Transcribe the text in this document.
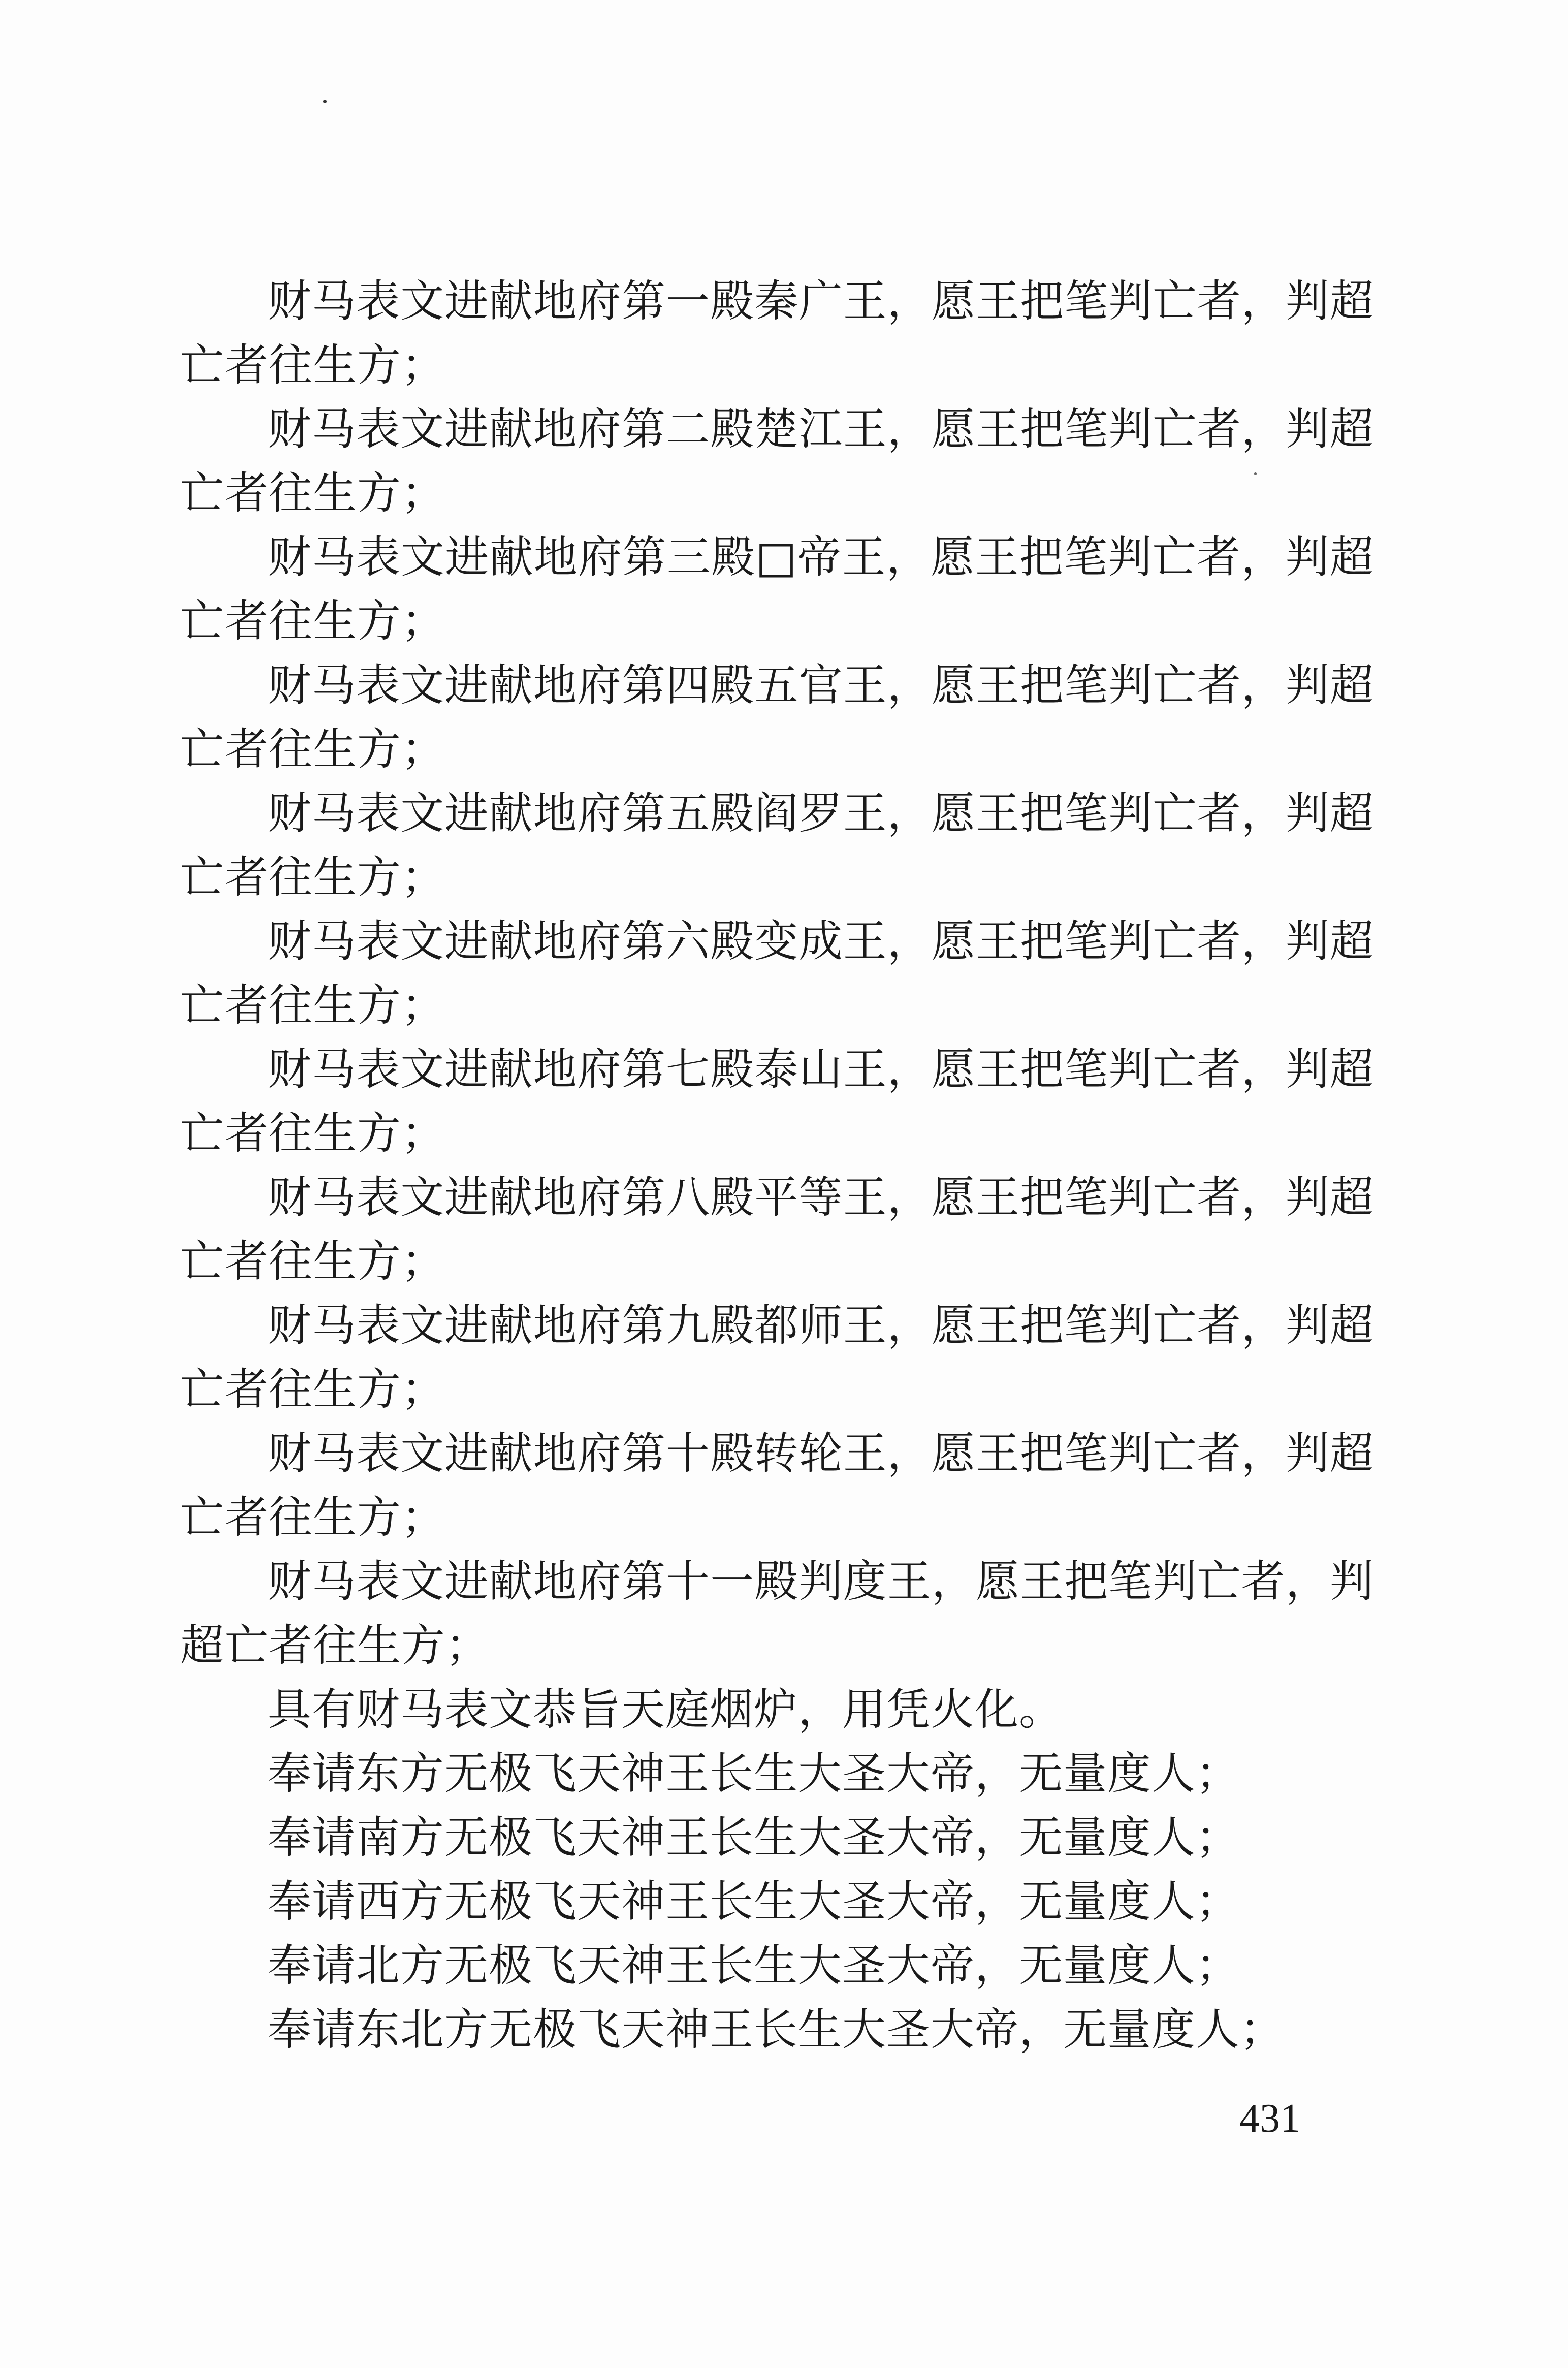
财马表文进献地府第一殿秦广王，愿王把笔判亡者，判超亡者往生方；

财马表文进献地府第二殿楚江王，愿王把笔判亡者，判超亡者往生方；

财马表文进献地府第三殿□帝王，愿王把笔判亡者，判超亡者往生方；

财马表文进献地府第四殿五官王，愿王把笔判亡者，判超亡者往生方；

财马表文进献地府第五殿阎罗王，愿王把笔判亡者，判超亡者往生方；

财马表文进献地府第六殿变成王，愿王把笔判亡者，判超亡者往生方；

财马表文进献地府第七殿泰山王，愿王把笔判亡者，判超亡者往生方；

财马表文进献地府第八殿平等王，愿王把笔判亡者，判超亡者往生方；

财马表文进献地府第九殿都师王，愿王把笔判亡者，判超亡者往生方；

财马表文进献地府第十殿转轮王，愿王把笔判亡者，判超亡者往生方；

财马表文进献地府第十一殿判度王，愿王把笔判亡者，判超亡者往生方；

具有财马表文恭旨天庭烟炉，用凭火化。

奉请东方无极飞天神王长生大圣大帝，无量度人；

奉请南方无极飞天神王长生大圣大帝，无量度人；

奉请西方无极飞天神王长生大圣大帝，无量度人；

奉请北方无极飞天神王长生大圣大帝，无量度人；

奉请东北方无极飞天神王长生大圣大帝，无量度人；

431
